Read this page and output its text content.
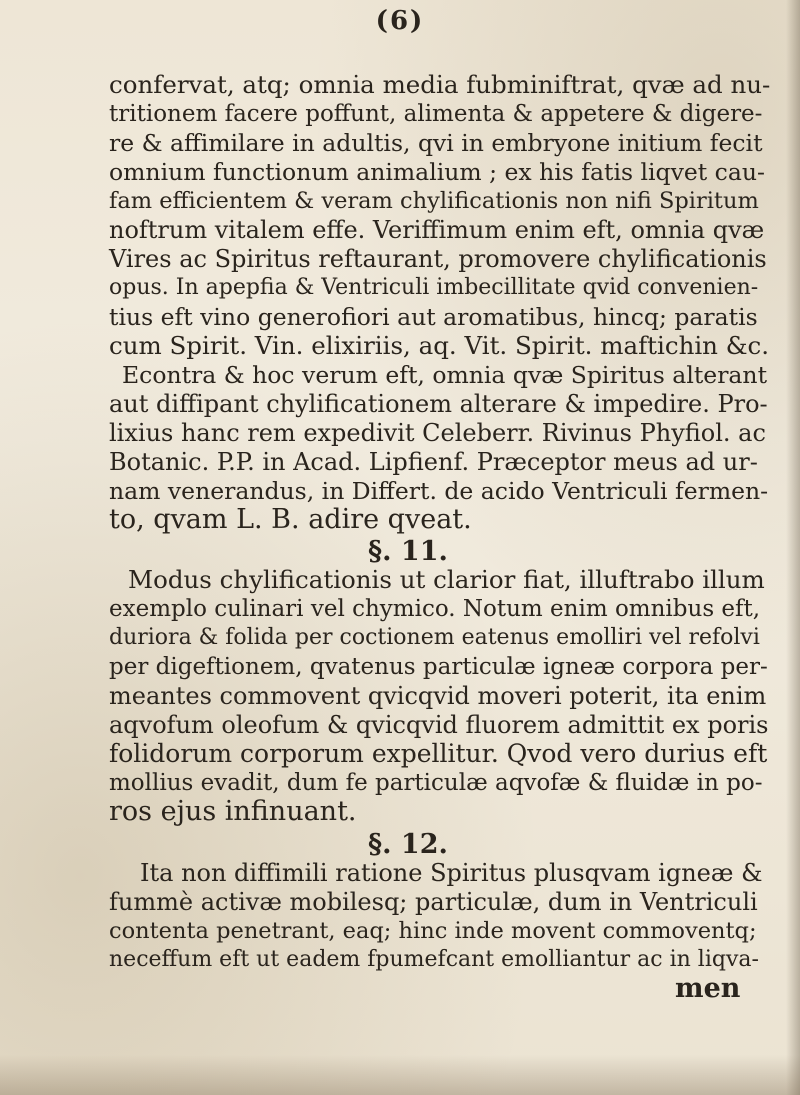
(6)
confervat, atq; omnia media fubminiftrat, qvæ ad nu-
tritionem facere poffunt, alimenta & appetere & digere-
re & affimilare in adultis, qvi in embryone initium fecit
omnium functionum animalium ; ex his fatis liqvet cau-
fam efficientem & veram chylificationis non nifi Spiritum
noftrum vitalem effe. Veriffimum enim eft, omnia qvæ
Vires ac Spiritus reftaurant, promovere chylificationis
opus. In apepfia & Ventriculi imbecillitate qvid convenien-
tius eft vino generofiori aut aromatibus, hincq; paratis
cum Spirit. Vin. elixiriis, aq. Vit. Spirit. maftichin &c.
Econtra & hoc verum eft, omnia qvæ Spiritus alterant
aut diffipant chylificationem alterare & impedire. Pro-
lixius hanc rem expedivit Celeberr. Rivinus Phyfiol. ac
Botanic. P.P. in Acad. Lipfienf. Præceptor meus ad ur-
nam venerandus, in Differt. de acido Ventriculi fermen-
to, qvam L. B. adire qveat.
§. 11.
Modus chylificationis ut clarior fiat, illuftrabo illum
exemplo culinari vel chymico. Notum enim omnibus eft,
duriora & folida per coctionem eatenus emolliri vel refolvi
per digeftionem, qvatenus particulæ igneæ corpora per-
meantes commovent qvicqvid moveri poterit, ita enim
aqvofum oleofum & qvicqvid fluorem admittit ex poris
folidorum corporum expellitur. Qvod vero durius eft
mollius evadit, dum fe particulæ aqvofæ & fluidæ in po-
ros ejus infinuant.
§. 12.
Ita non diffimili ratione Spiritus plusqvam igneæ &
fummè activæ mobilesq; particulæ, dum in Ventriculi
contenta penetrant, eaq; hinc inde movent commoventq;
neceffum eft ut eadem fpumefcant emolliantur ac in liqva-
men
